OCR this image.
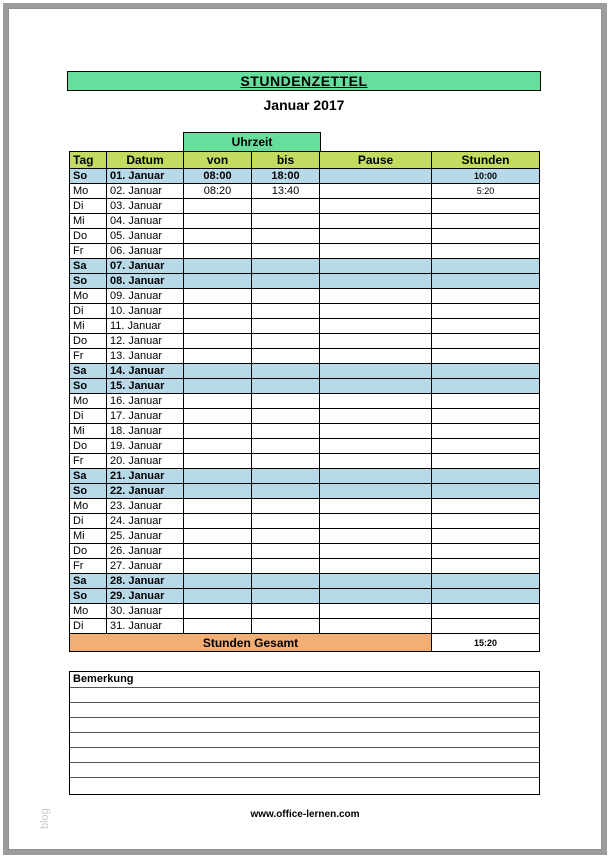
STUNDENZETTEL
Januar 2017
Uhrzeit
Tag	Datum	von	bis	Pause	Stunden
So	01. Januar	08:00	18:00		10:00
Mo	02. Januar	08:20	13:40		5:20
Di	03. Januar				
Mi	04. Januar				
Do	05. Januar				
Fr	06. Januar				
Sa	07. Januar				
So	08. Januar				
Mo	09. Januar				
Di	10. Januar				
Mi	11. Januar				
Do	12. Januar				
Fr	13. Januar				
Sa	14. Januar				
So	15. Januar				
Mo	16. Januar				
Di	17. Januar				
Mi	18. Januar				
Do	19. Januar				
Fr	20. Januar				
Sa	21. Januar				
So	22. Januar				
Mo	23. Januar				
Di	24. Januar				
Mi	25. Januar				
Do	26. Januar				
Fr	27. Januar				
Sa	28. Januar				
So	29. Januar				
Mo	30. Januar				
Di	31. Januar				
Stunden Gesamt					15:20
Bemerkung
www.office-lernen.com
blog
